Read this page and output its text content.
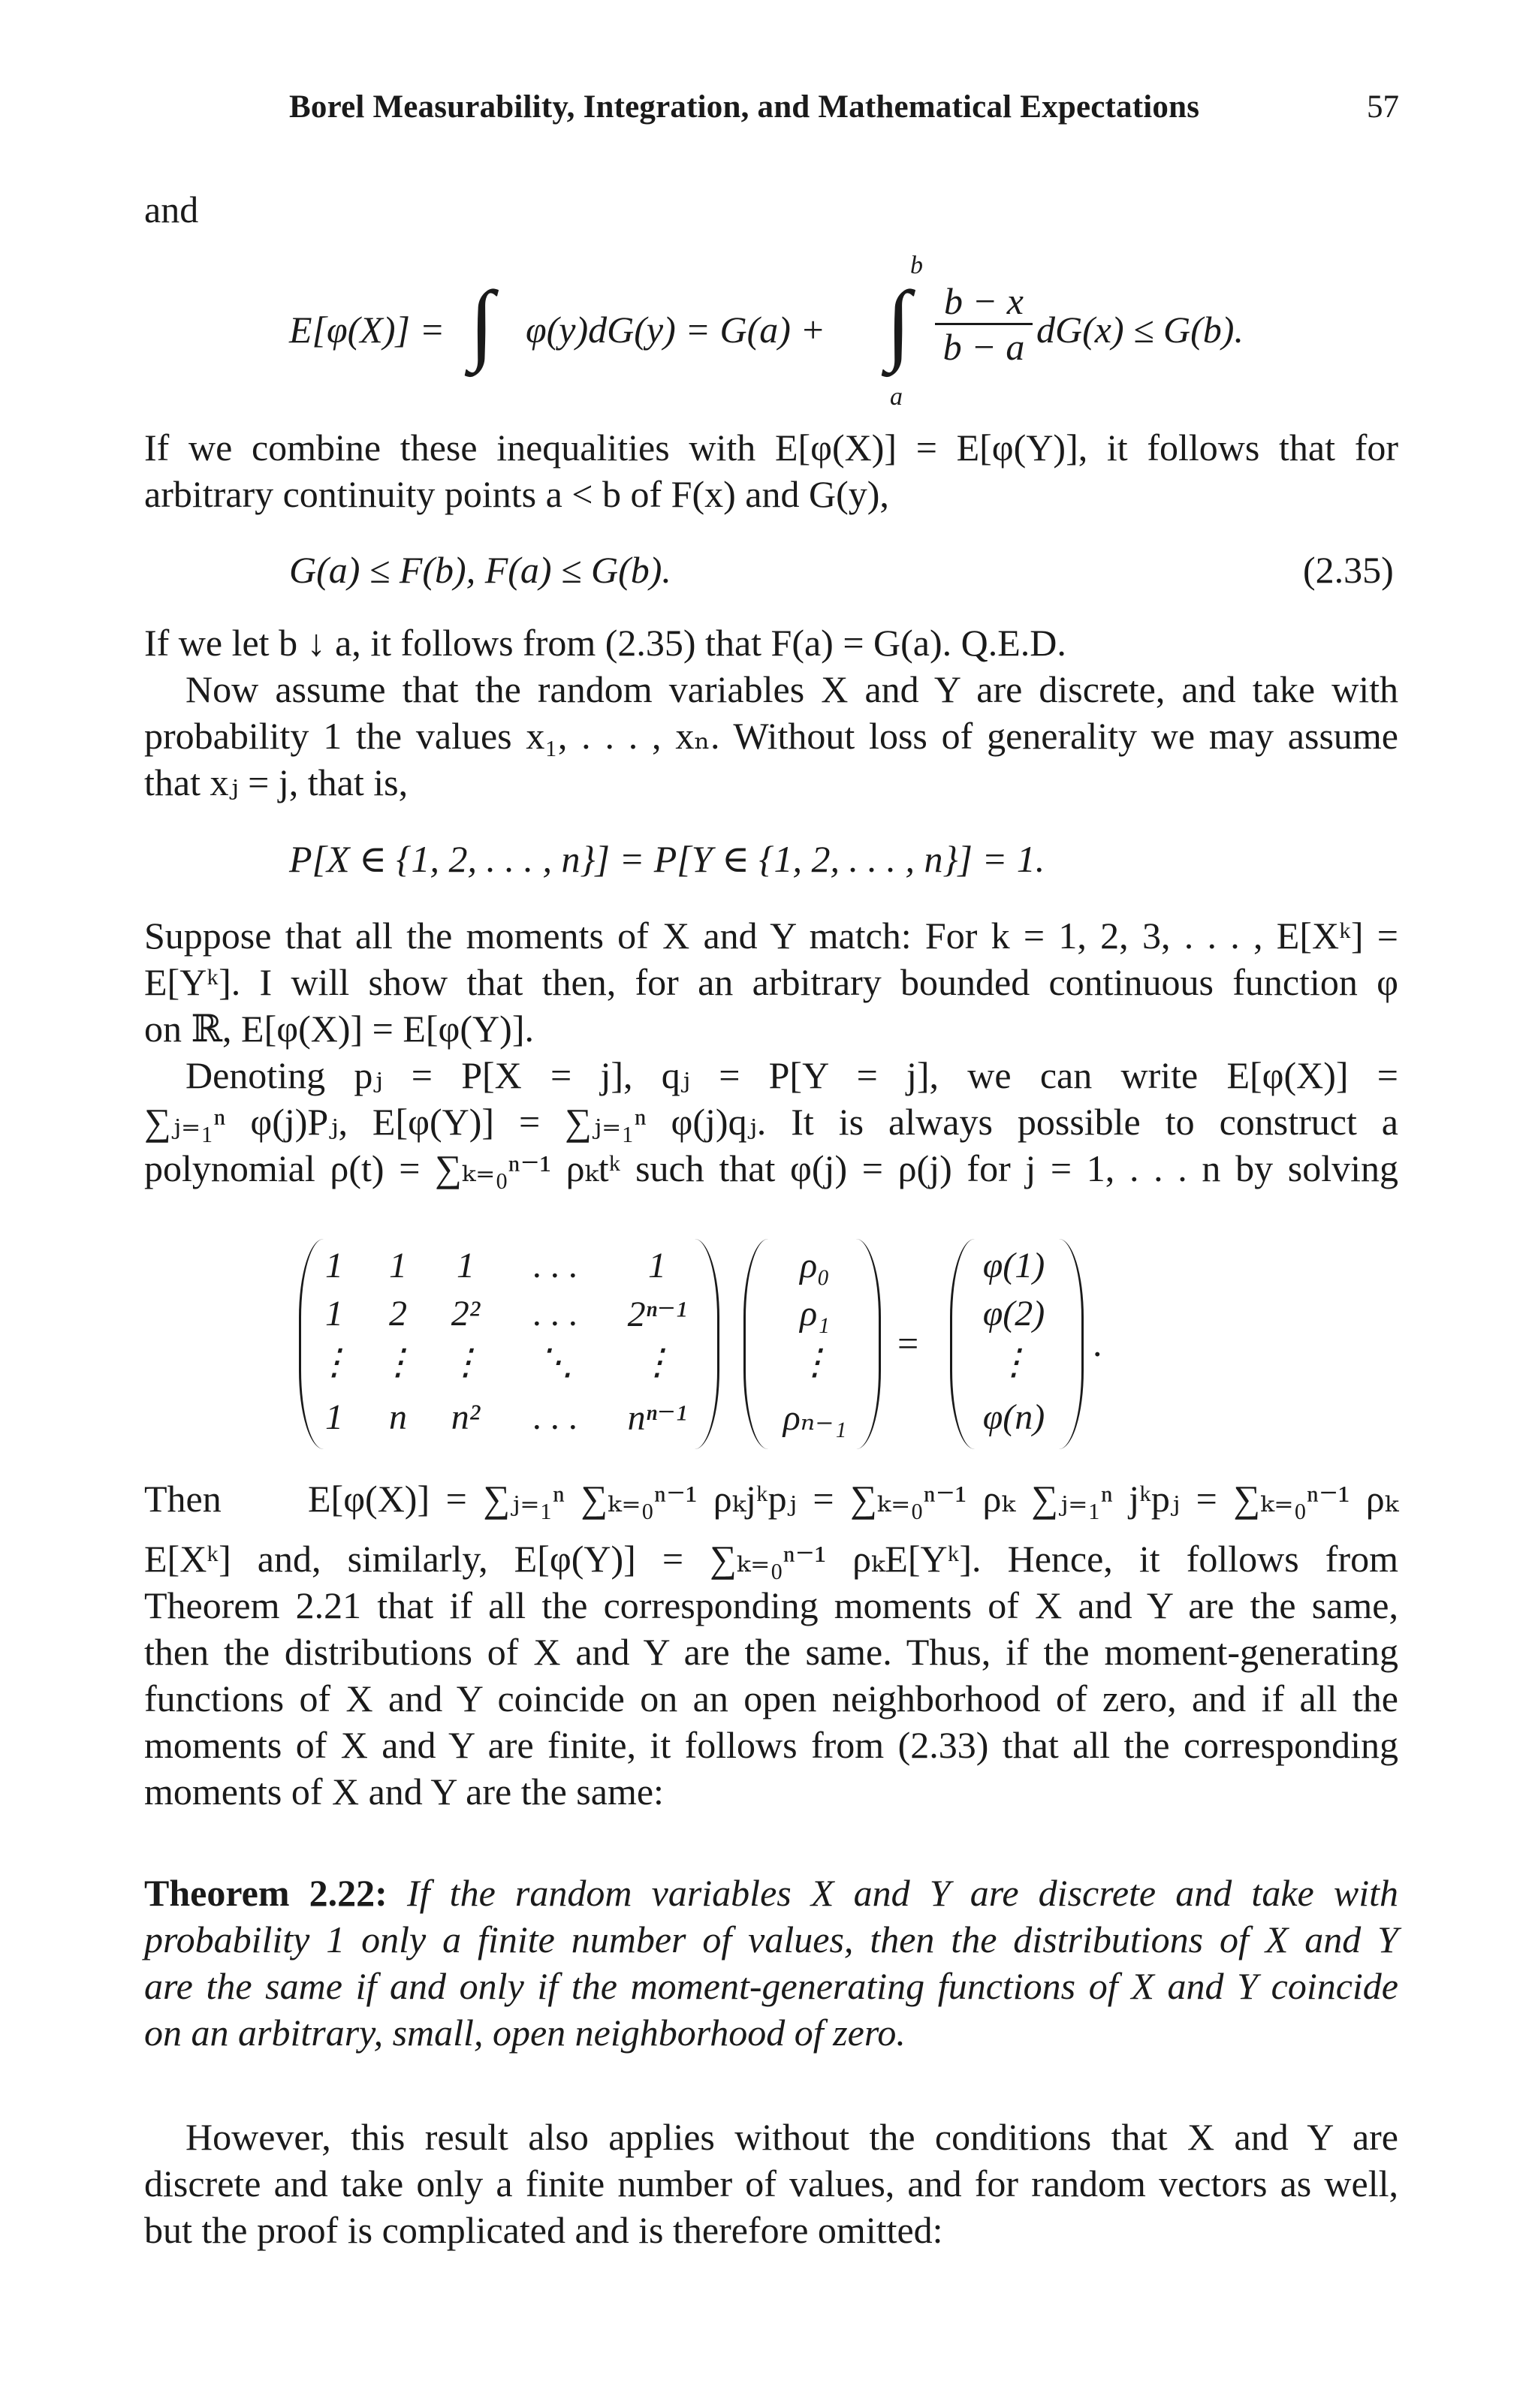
Borel Measurability, Integration, and Mathematical Expectations	57
and
E[φ(X)] = ∫ φ(y)dG(y) = G(a) +
b
∫
a
$\frac{b - x}{b - a} dG(x) \le G(b)$.
If we combine these inequalities with E[φ(X)] = E[φ(Y)], it follows that for
arbitrary continuity points a < b of F(x) and G(y),
G(a) ≤ F(b), F(a) ≤ G(b).	(2.35)
If we let b ↓ a, it follows from (2.35) that F(a) = G(a). Q.E.D.
Now assume that the random variables X and Y are discrete, and take with
probability 1 the values x₁, . . . , xₙ. Without loss of generality we may assume
that xⱼ = j, that is,
P[X ∈ {1, 2, . . . , n}] = P[Y ∈ {1, 2, . . . , n}] = 1.
Suppose that all the moments of X and Y match: For k = 1, 2, 3, . . . , E[Xᵏ] =
E[Yᵏ]. I will show that then, for an arbitrary bounded continuous function φ
on ℝ, E[φ(X)] = E[φ(Y)].
Denoting pⱼ = P[X = j], qⱼ = P[Y = j], we can write E[φ(X)] =
∑ⱼ₌₁ⁿ φ(j)Pⱼ, E[φ(Y)] = ∑ⱼ₌₁ⁿ φ(j)qⱼ. It is always possible to construct a
polynomial ρ(t) = ∑ₖ₌₀ⁿ⁻¹ ρₖtᵏ such that φ(j) = ρ(j) for j = 1, . . . n by solving
1	1	1	. . .	1
1	2	2²	. . .	2ⁿ⁻¹
⋮ ⋮ ⋮	⋱	⋮
1	n	n²	. . .	nⁿ⁻¹
ρ₀
ρ₁
⋮
ρₙ₋₁
=
φ(1)
φ(2)
⋮
φ(n)
.
Then	E[φ(X)] = ∑ⱼ₌₁ⁿ ∑ₖ₌₀ⁿ⁻¹ ρₖjᵏpⱼ = ∑ₖ₌₀ⁿ⁻¹ ρₖ ∑ⱼ₌₁ⁿ jᵏpⱼ = ∑ₖ₌₀ⁿ⁻¹ ρₖ
E[Xᵏ] and, similarly, E[φ(Y)] = ∑ₖ₌₀ⁿ⁻¹ ρₖE[Yᵏ]. Hence, it follows from
Theorem 2.21 that if all the corresponding moments of X and Y are the same,
then the distributions of X and Y are the same. Thus, if the moment-generating
functions of X and Y coincide on an open neighborhood of zero, and if all the
moments of X and Y are finite, it follows from (2.33) that all the corresponding
moments of X and Y are the same:
Theorem 2.22: If the random variables X and Y are discrete and take with
probability 1 only a finite number of values, then the distributions of X and Y
are the same if and only if the moment-generating functions of X and Y coincide
on an arbitrary, small, open neighborhood of zero.
However, this result also applies without the conditions that X and Y are
discrete and take only a finite number of values, and for random vectors as well,
but the proof is complicated and is therefore omitted:
